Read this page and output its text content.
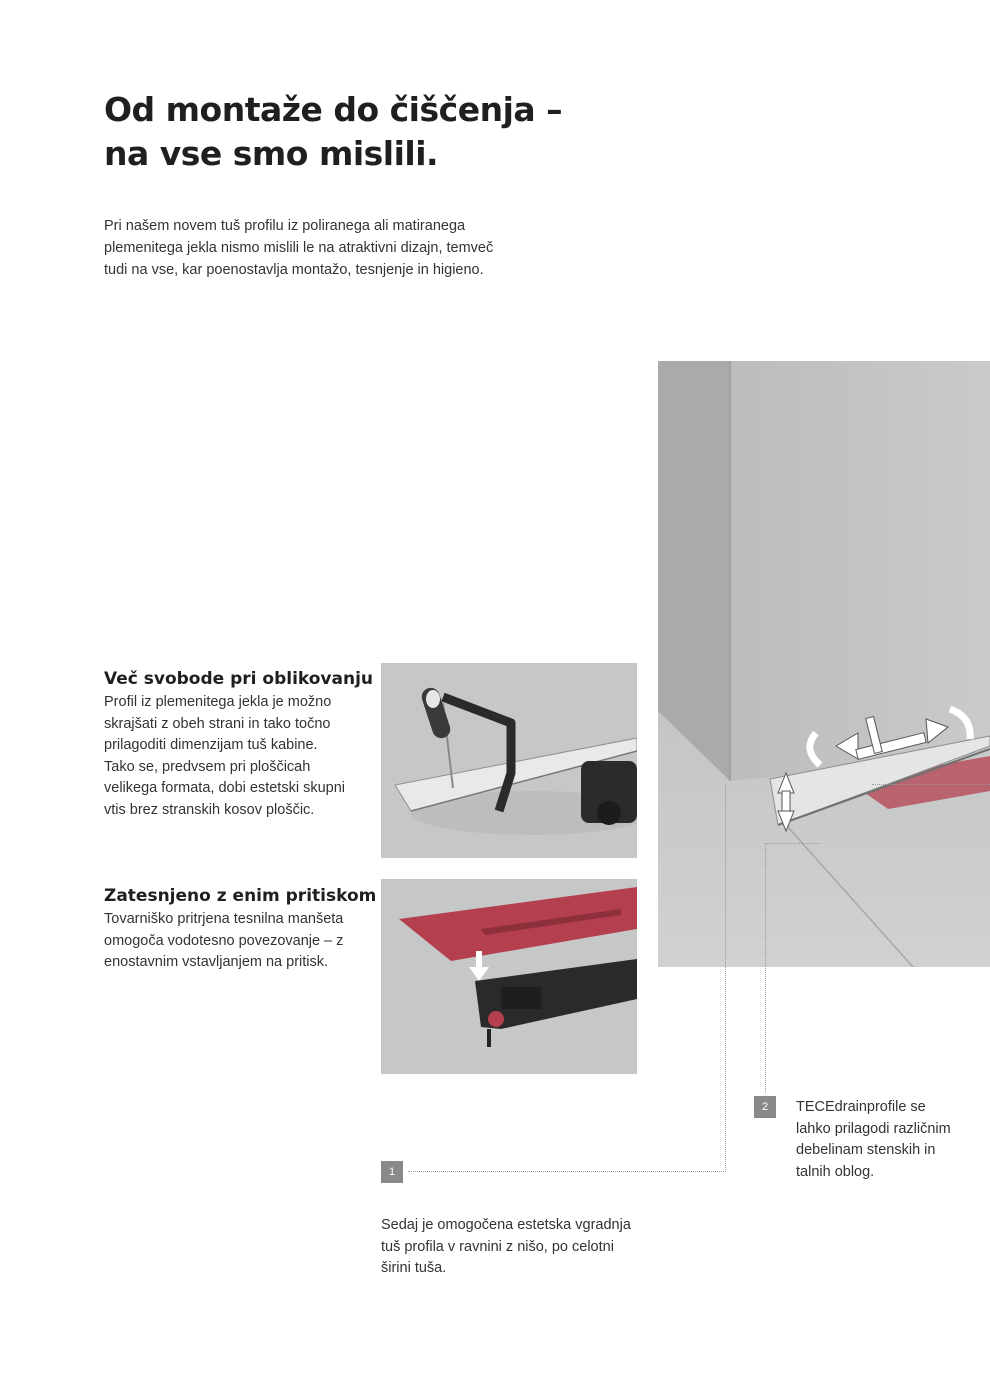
Od montaže do čiščenja –
na vse smo mislili.
Pri našem novem tuš profilu iz poliranega ali matiranega
plemenitega jekla nismo mislili le na atraktivni dizajn, temveč
tudi na vse, kar poenostavlja montažo, tesnjenje in higieno.
Več svobode pri oblikovanju
Profil iz plemenitega jekla je možno
skrajšati z obeh strani in tako točno
prilagoditi dimenzijam tuš kabine.
Tako se, predvsem pri ploščicah
velikega formata, dobi estetski skupni
vtis brez stranskih kosov ploščic.
Zatesnjeno z enim pritiskom
Tovarniško pritrjena tesnilna manšeta
omogoča vodotesno povezovanje – z
enostavnim vstavljanjem na pritisk.
1
Sedaj je omogočena estetska vgradnja
tuš profila v ravnini z nišo, po celotni
širini tuša.
2	TECEdrainprofile se
lahko prilagodi različnim
debelinam stenskih in
talnih oblog.
